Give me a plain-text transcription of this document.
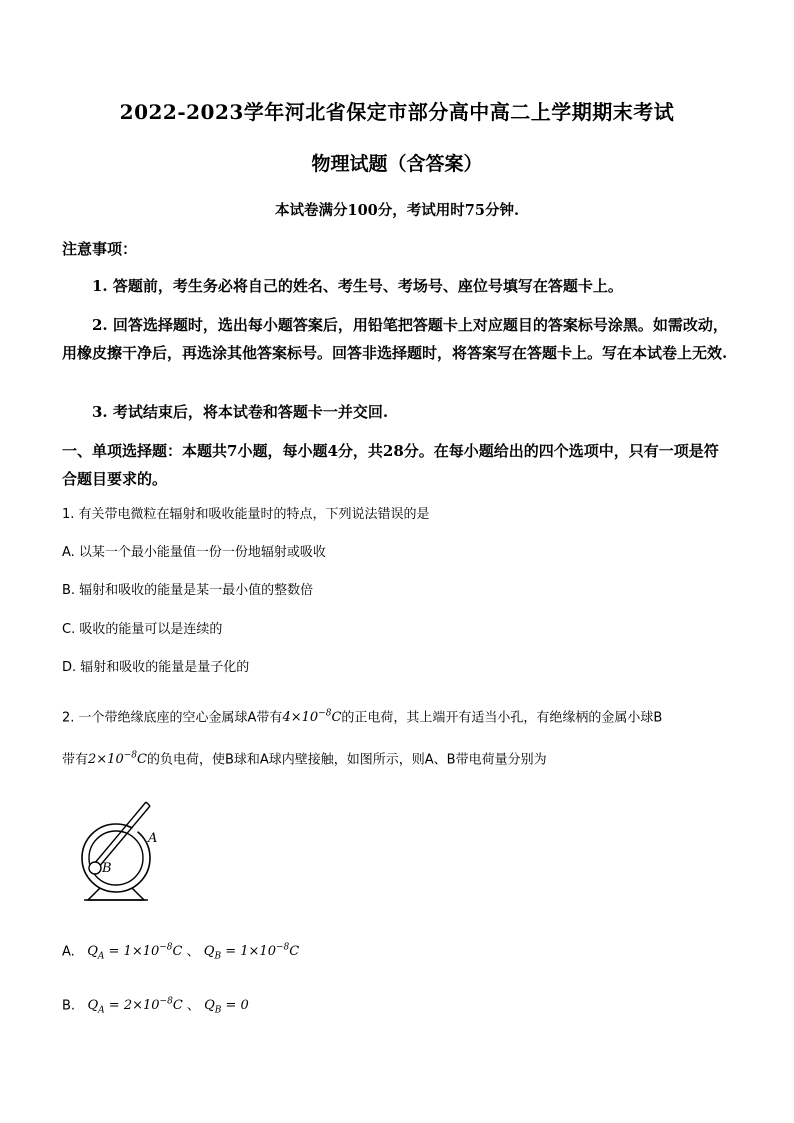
2022-2023学年河北省保定市部分高中高二上学期期末考试
物理试题（含答案）
本试卷满分100分，考试用时75分钟.
注意事项：
1. 答题前，考生务必将自己的姓名、考生号、考场号、座位号填写在答题卡上。
2. 回答选择题时，选出每小题答案后，用铅笔把答题卡上对应题目的答案标号涂黑。如需改动，用橡皮擦干净后，再选涂其他答案标号。回答非选择题时，将答案写在答题卡上。写在本试卷上无效.
3. 考试结束后，将本试卷和答题卡一并交回.
一、单项选择题：本题共7小题，每小题4分，共28分。在每小题给出的四个选项中，只有一项是符合题目要求的。
1. 有关带电微粒在辐射和吸收能量时的特点，下列说法错误的是
A. 以某一个最小能量值一份一份地辐射或吸收
B. 辐射和吸收的能量是某一最小值的整数倍
C. 吸收的能量可以是连续的
D. 辐射和吸收的能量是量子化的
2. 一个带绝缘底座的空心金属球A带有$4\times 10^{-8}C$的正电荷，其上端开有适当小孔，有绝缘柄的金属小球B
带有$2\times 10^{-8}C$的负电荷，使B球和A球内壁接触，如图所示，则A、B带电荷量分别为
A
B
A. $Q_A = 1\times 10^{-8}C$ 、 $Q_B = 1\times 10^{-8}C$
B. $Q_A = 2\times 10^{-8}C$ 、 $Q_B = 0$
